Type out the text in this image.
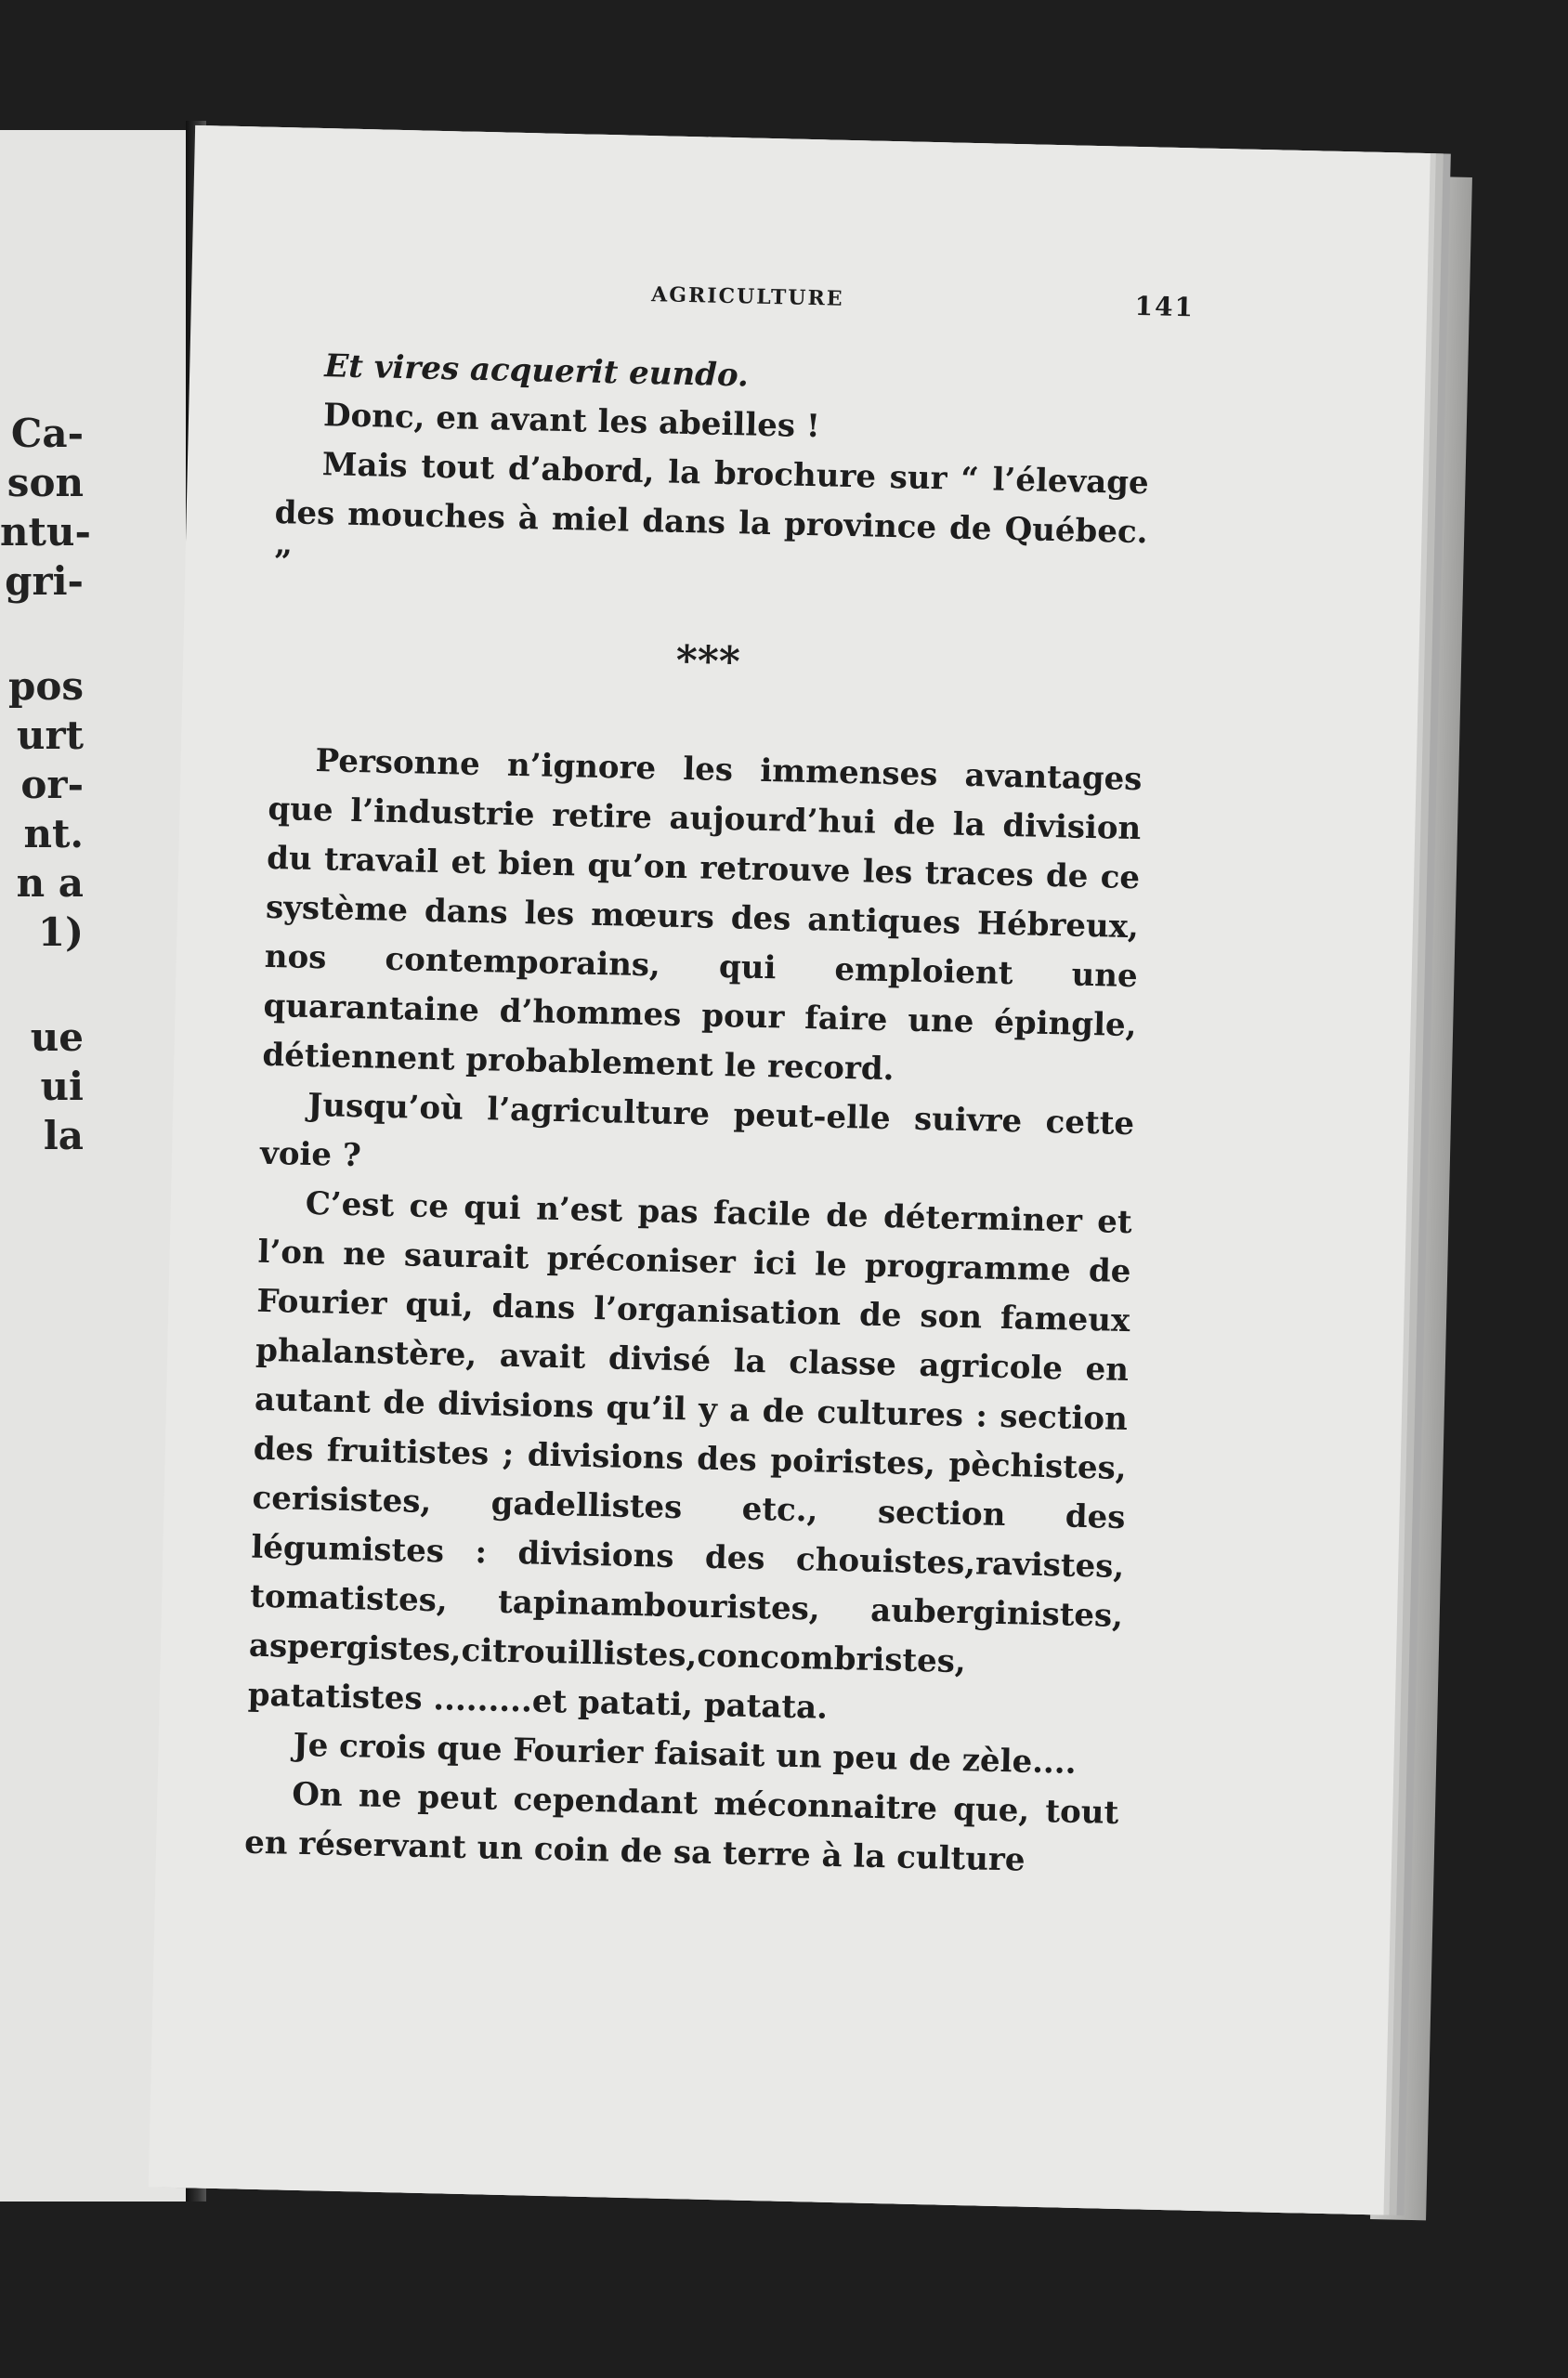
Ca-
son
ntu-
gri-
pos
urt
or-
nt.
n a
1)
ue
ui
la
AGRICULTURE	141

Et vires acquerit eundo.

Donc, en avant les abeilles !

Mais tout d’abord, la brochure sur “ l’élevage des mouches à miel dans la province de Québec. ”

***

Personne n’ignore les immenses avantages que l’industrie retire aujourd’hui de la division du travail et bien qu’on retrouve les traces de ce système dans les mœurs des antiques Hébreux, nos contemporains, qui emploient une quarantaine d’hommes pour faire une épingle, détiennent probablement le record.

Jusqu’où l’agriculture peut-elle suivre cette voie ?

C’est ce qui n’est pas facile de déterminer et l’on ne saurait préconiser ici le programme de Fourier qui, dans l’organisation de son fameux phalanstère, avait divisé la classe agricole en autant de divisions qu’il y a de cultures : section des fruitistes ; divisions des poiristes, pèchistes, cerisistes, gadellistes etc., section des légumistes : divisions des chouistes,ravistes, tomatistes, tapinambouristes, auberginistes, aspergistes,citrouillistes,concombristes, patatistes .........et patati, patata.

Je crois que Fourier faisait un peu de zèle....

On ne peut cependant méconnaitre que, tout en réservant un coin de sa terre à la culture
